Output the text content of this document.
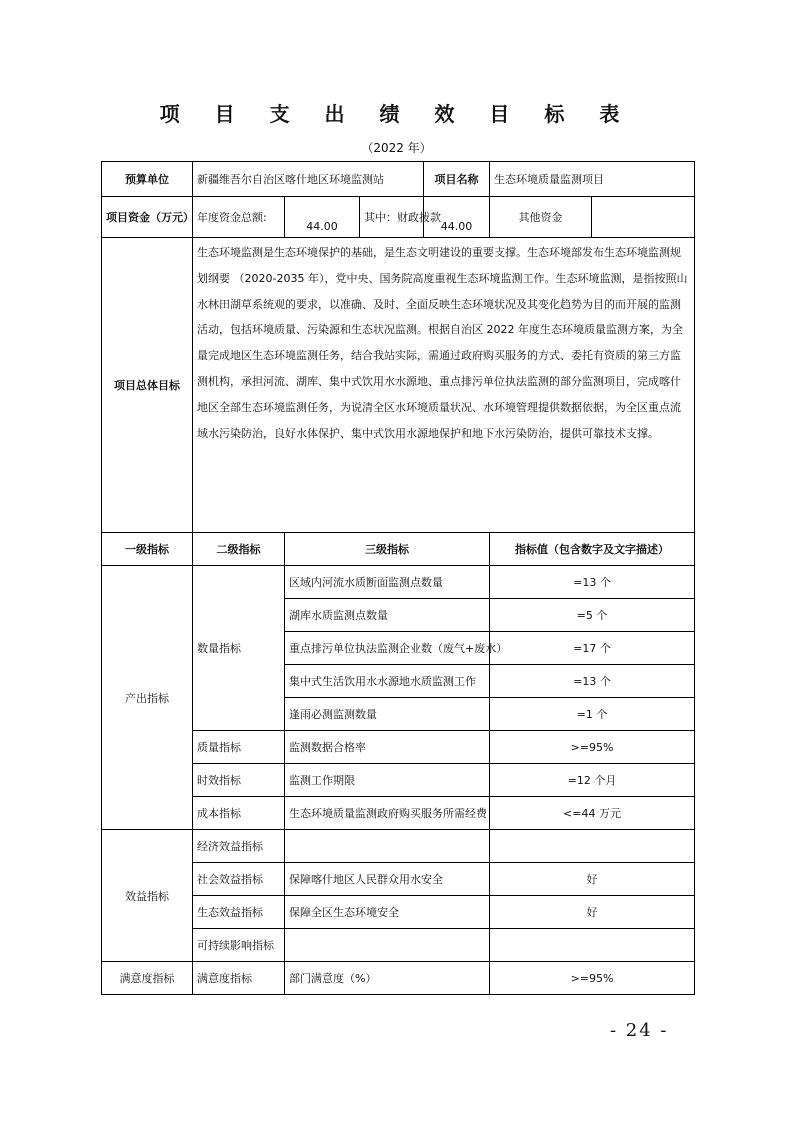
项 目 支 出 绩 效 目 标 表
（2022 年）
预算单位	新疆维吾尔自治区喀什地区环境监测站			项目名称	生态环境质量监测项目	
项目资金（万元）	年度资金总额:	44.00	其中：财政拨款	44.00	其他资金	
项目总体目标	生态环境监测是生态环境保护的基础，是生态文明建设的重要支撑。生态环境部发布生态环境监测规划纲要 （2020-2035 年），党中央、国务院高度重视生态环境监测工作。生态环境监测，是指按照山水林田湖草系统观的要求，以准确、及时、全面反映生态环境状况及其变化趋势为目的而开展的监测活动，包括环境质量、污染源和生态状况监测。根据自治区 2022 年度生态环境质量监测方案，为全量完成地区生态环境监测任务，结合我站实际，需通过政府购买服务的方式、委托有资质的第三方监测机构，承担河流、湖库、集中式饮用水水源地、重点排污单位执法监测的部分监测项目，完成喀什地区全部生态环境监测任务，为说清全区水环境质量状况、水环境管理提供数据依据，为全区重点流域水污染防治，良好水体保护、集中式饮用水源地保护和地下水污染防治，提供可靠技术支撑。					
一级指标	二级指标	三级指标			指标值（包含数字及文字描述）	
产出指标	数量指标	区域内河流水质断面监测点数量			=13 个	
		湖库水质监测点数量			=5 个	
		重点排污单位执法监测企业数（废气+废水）			=17 个	
		集中式生活饮用水水源地水质监测工作			=13 个	
		逢雨必测监测数量			=1 个	
	质量指标	监测数据合格率			>=95%	
	时效指标	监测工作期限			=12 个月	
	成本指标	生态环境质量监测政府购买服务所需经费			<=44 万元	
效益指标	经济效益指标					
	社会效益指标	保障喀什地区人民群众用水安全			好	
	生态效益指标	保障全区生态环境安全			好	
	可持续影响指标					
满意度指标	满意度指标	部门满意度（%）			>=95%	
- 24 -
